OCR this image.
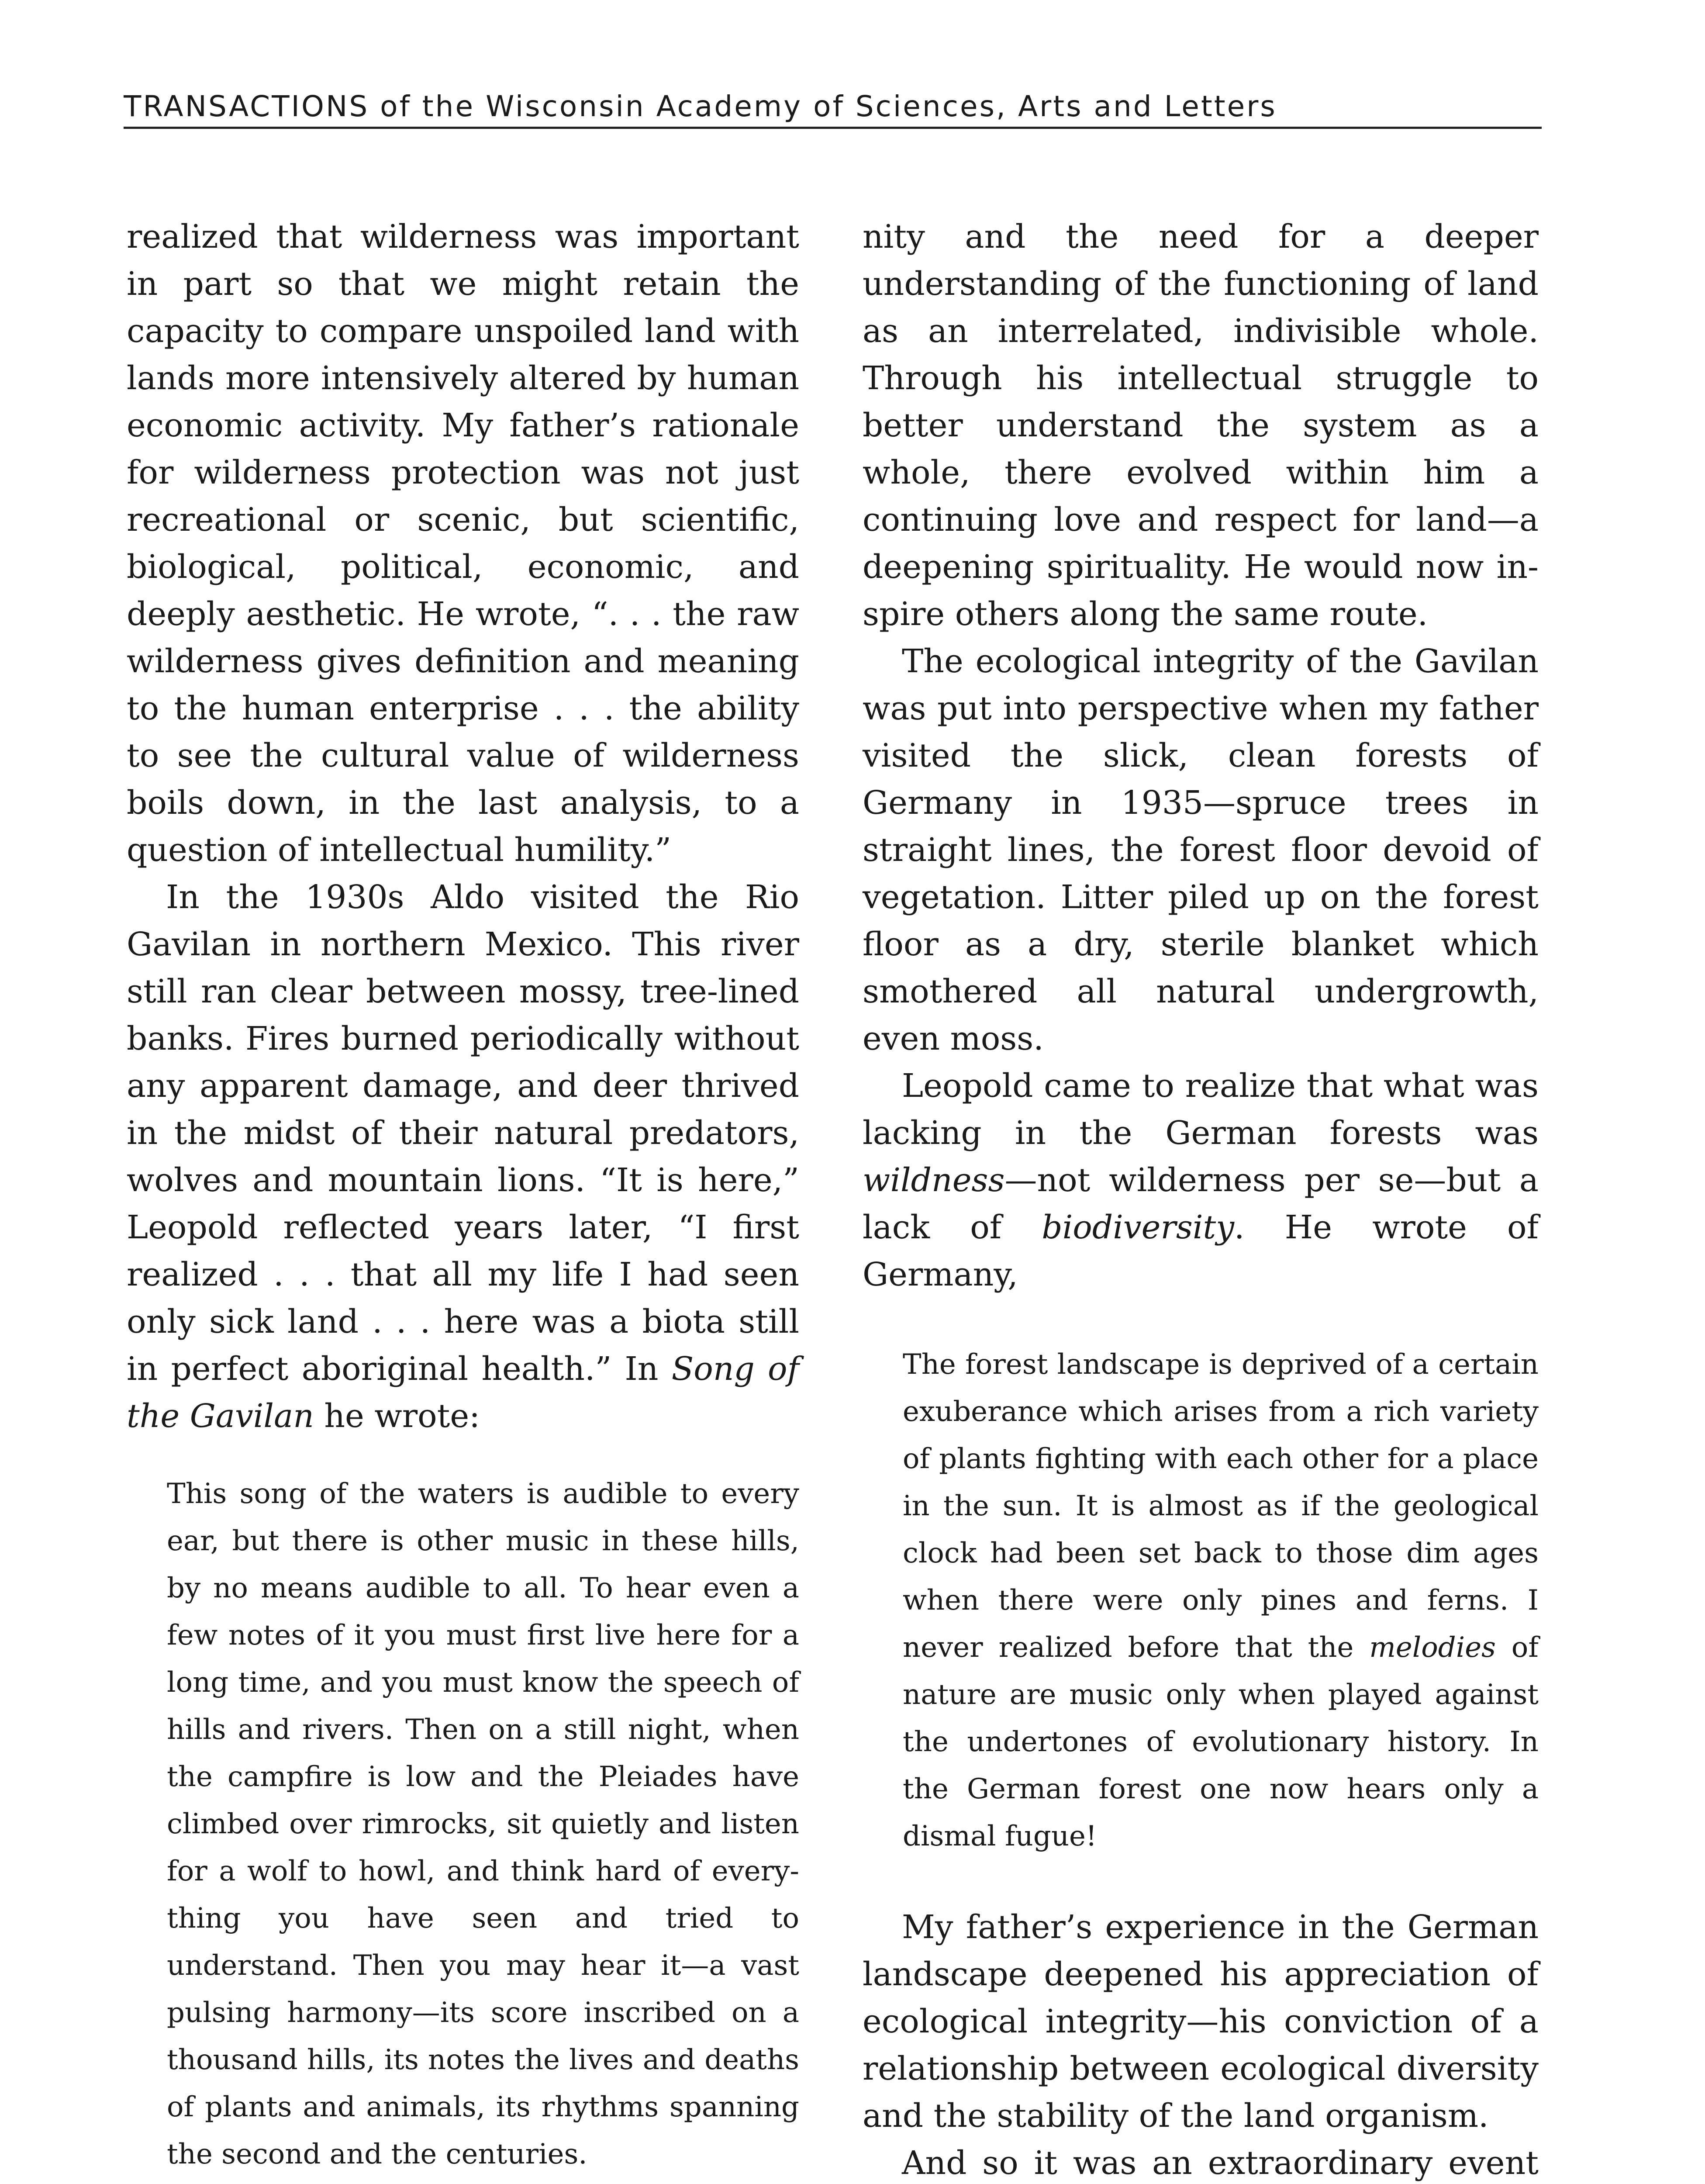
TRANSACTIONS of the Wisconsin Academy of Sciences, Arts and Letters

realized that wilderness was important in part so that we might retain the capacity to compare unspoiled land with lands more intensively altered by human economic activity. My father’s rationale for wilderness protection was not just recreational or scenic, but scientific, biological, political, economic, and deeply aesthetic. He wrote, “. . . the raw wilderness gives definition and meaning to the human enterprise . . . the ability to see the cultural value of wilderness boils down, in the last analysis, to a question of intellectual humility.”

In the 1930s Aldo visited the Rio Gavilan in northern Mexico. This river still ran clear between mossy, tree-lined banks. Fires burned periodically without any apparent damage, and deer thrived in the midst of their natural predators, wolves and mountain lions. “It is here,” Leopold reflected years later, “I first realized . . . that all my life I had seen only sick land . . . here was a biota still in perfect aboriginal health.” In Song of the Gavilan he wrote:

This song of the waters is audible to every ear, but there is other music in these hills, by no means audible to all. To hear even a few notes of it you must first live here for a long time, and you must know the speech of hills and rivers. Then on a still night, when the campfire is low and the Pleiades have climbed over rimrocks, sit quietly and listen for a wolf to howl, and think hard of everything you have seen and tried to understand. Then you may hear it—a vast pulsing harmony—its score inscribed on a thousand hills, its notes the lives and deaths of plants and animals, its rhythms spanning the second and the centuries.

nity and the need for a deeper understanding of the functioning of land as an interrelated, indivisible whole. Through his intellectual struggle to better understand the system as a whole, there evolved within him a continuing love and respect for land—a deepening spirituality. He would now inspire others along the same route.

The ecological integrity of the Gavilan was put into perspective when my father visited the slick, clean forests of Germany in 1935—spruce trees in straight lines, the forest floor devoid of vegetation. Litter piled up on the forest floor as a dry, sterile blanket which smothered all natural undergrowth, even moss.

Leopold came to realize that what was lacking in the German forests was wildness—not wilderness per se—but a lack of biodiversity. He wrote of Germany,

The forest landscape is deprived of a certain exuberance which arises from a rich variety of plants fighting with each other for a place in the sun. It is almost as if the geological clock had been set back to those dim ages when there were only pines and ferns. I never realized before that the melodies of nature are music only when played against the undertones of evolutionary history. In the German forest one now hears only a dismal fugue!

My father’s experience in the German landscape deepened his appreciation of ecological integrity—his conviction of a relationship between ecological diversity and the stability of the land organism.

And so it was an extraordinary event
